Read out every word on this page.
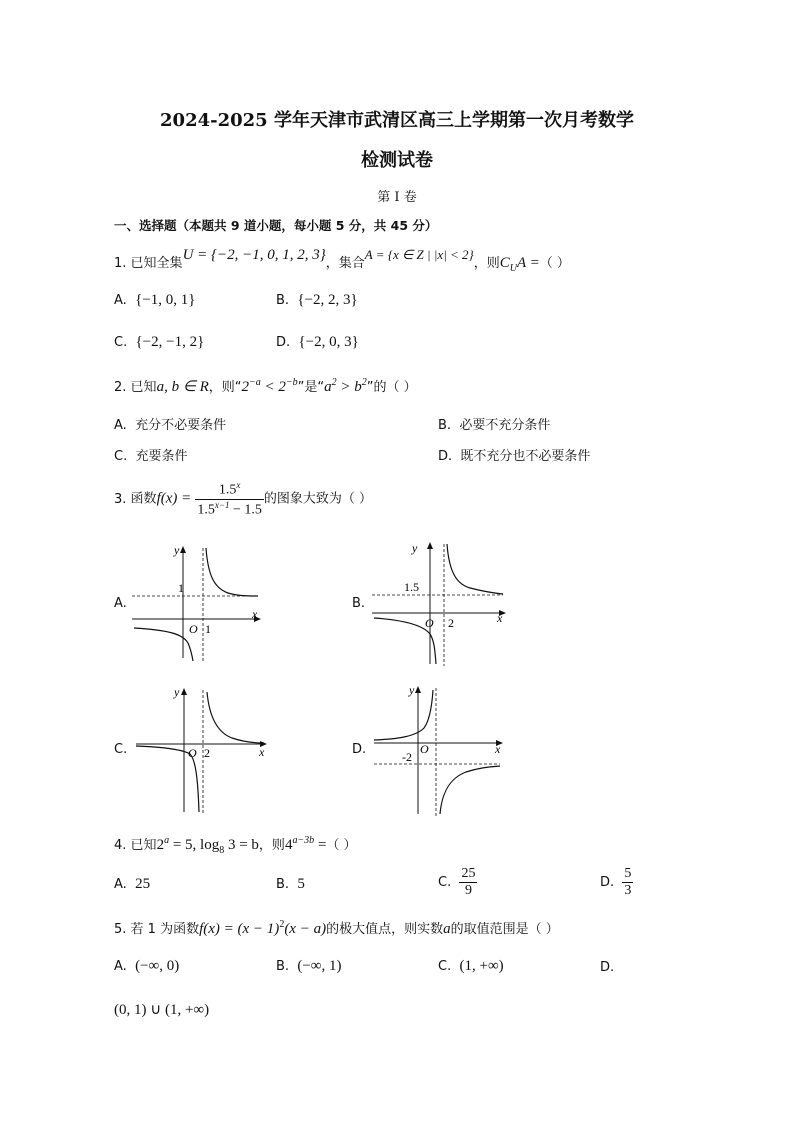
2024-2025 学年天津市武清区高三上学期第一次月考数学
检测试卷
第 I 卷
一、选择题（本题共 9 道小题，每小题 5 分，共 45 分）
1. 已知全集U = {−2, −1, 0, 1, 2, 3}，集合A = {x ∈ Z | |x| < 2}，则$C_UA$ =（ ）
A. {−1, 0, 1}	B. {−2, 2, 3}
C. {−2, −1, 2}	D. {−2, 0, 3}
2. 已知a, b ∈ R，则“$2^{-a} < 2^{-b}$”是“$a^2 > b^2$”的（ ）
A. 充分不必要条件	B. 必要不充分条件
C. 充要条件	D. 既不充分也不必要条件
3. 函数$f(x) = \frac{1.5^x}{1.5^{x-1} - 1.5}$ 的图象大致为（ ）
A.
y
x
O
1
1
B.
y
x
O
1.5
2
C.
y
x
O 2	D.
y
x
O
-2
4. 已知$2^a = 5$, $\log_8 3 = b$，则$4^{a-3b}$ =（ ）
A. 25	B. 5	C. $\frac{25}{9}$	D. $\frac{5}{3}$
5. 若 1 为函数$f(x) = (x - 1)^2(x - a)$的极大值点，则实数a的取值范围是（ ）
A. (−∞, 0)	B. (−∞, 1)	C. (1, +∞)	D.
(0, 1) ∪ (1, +∞)
